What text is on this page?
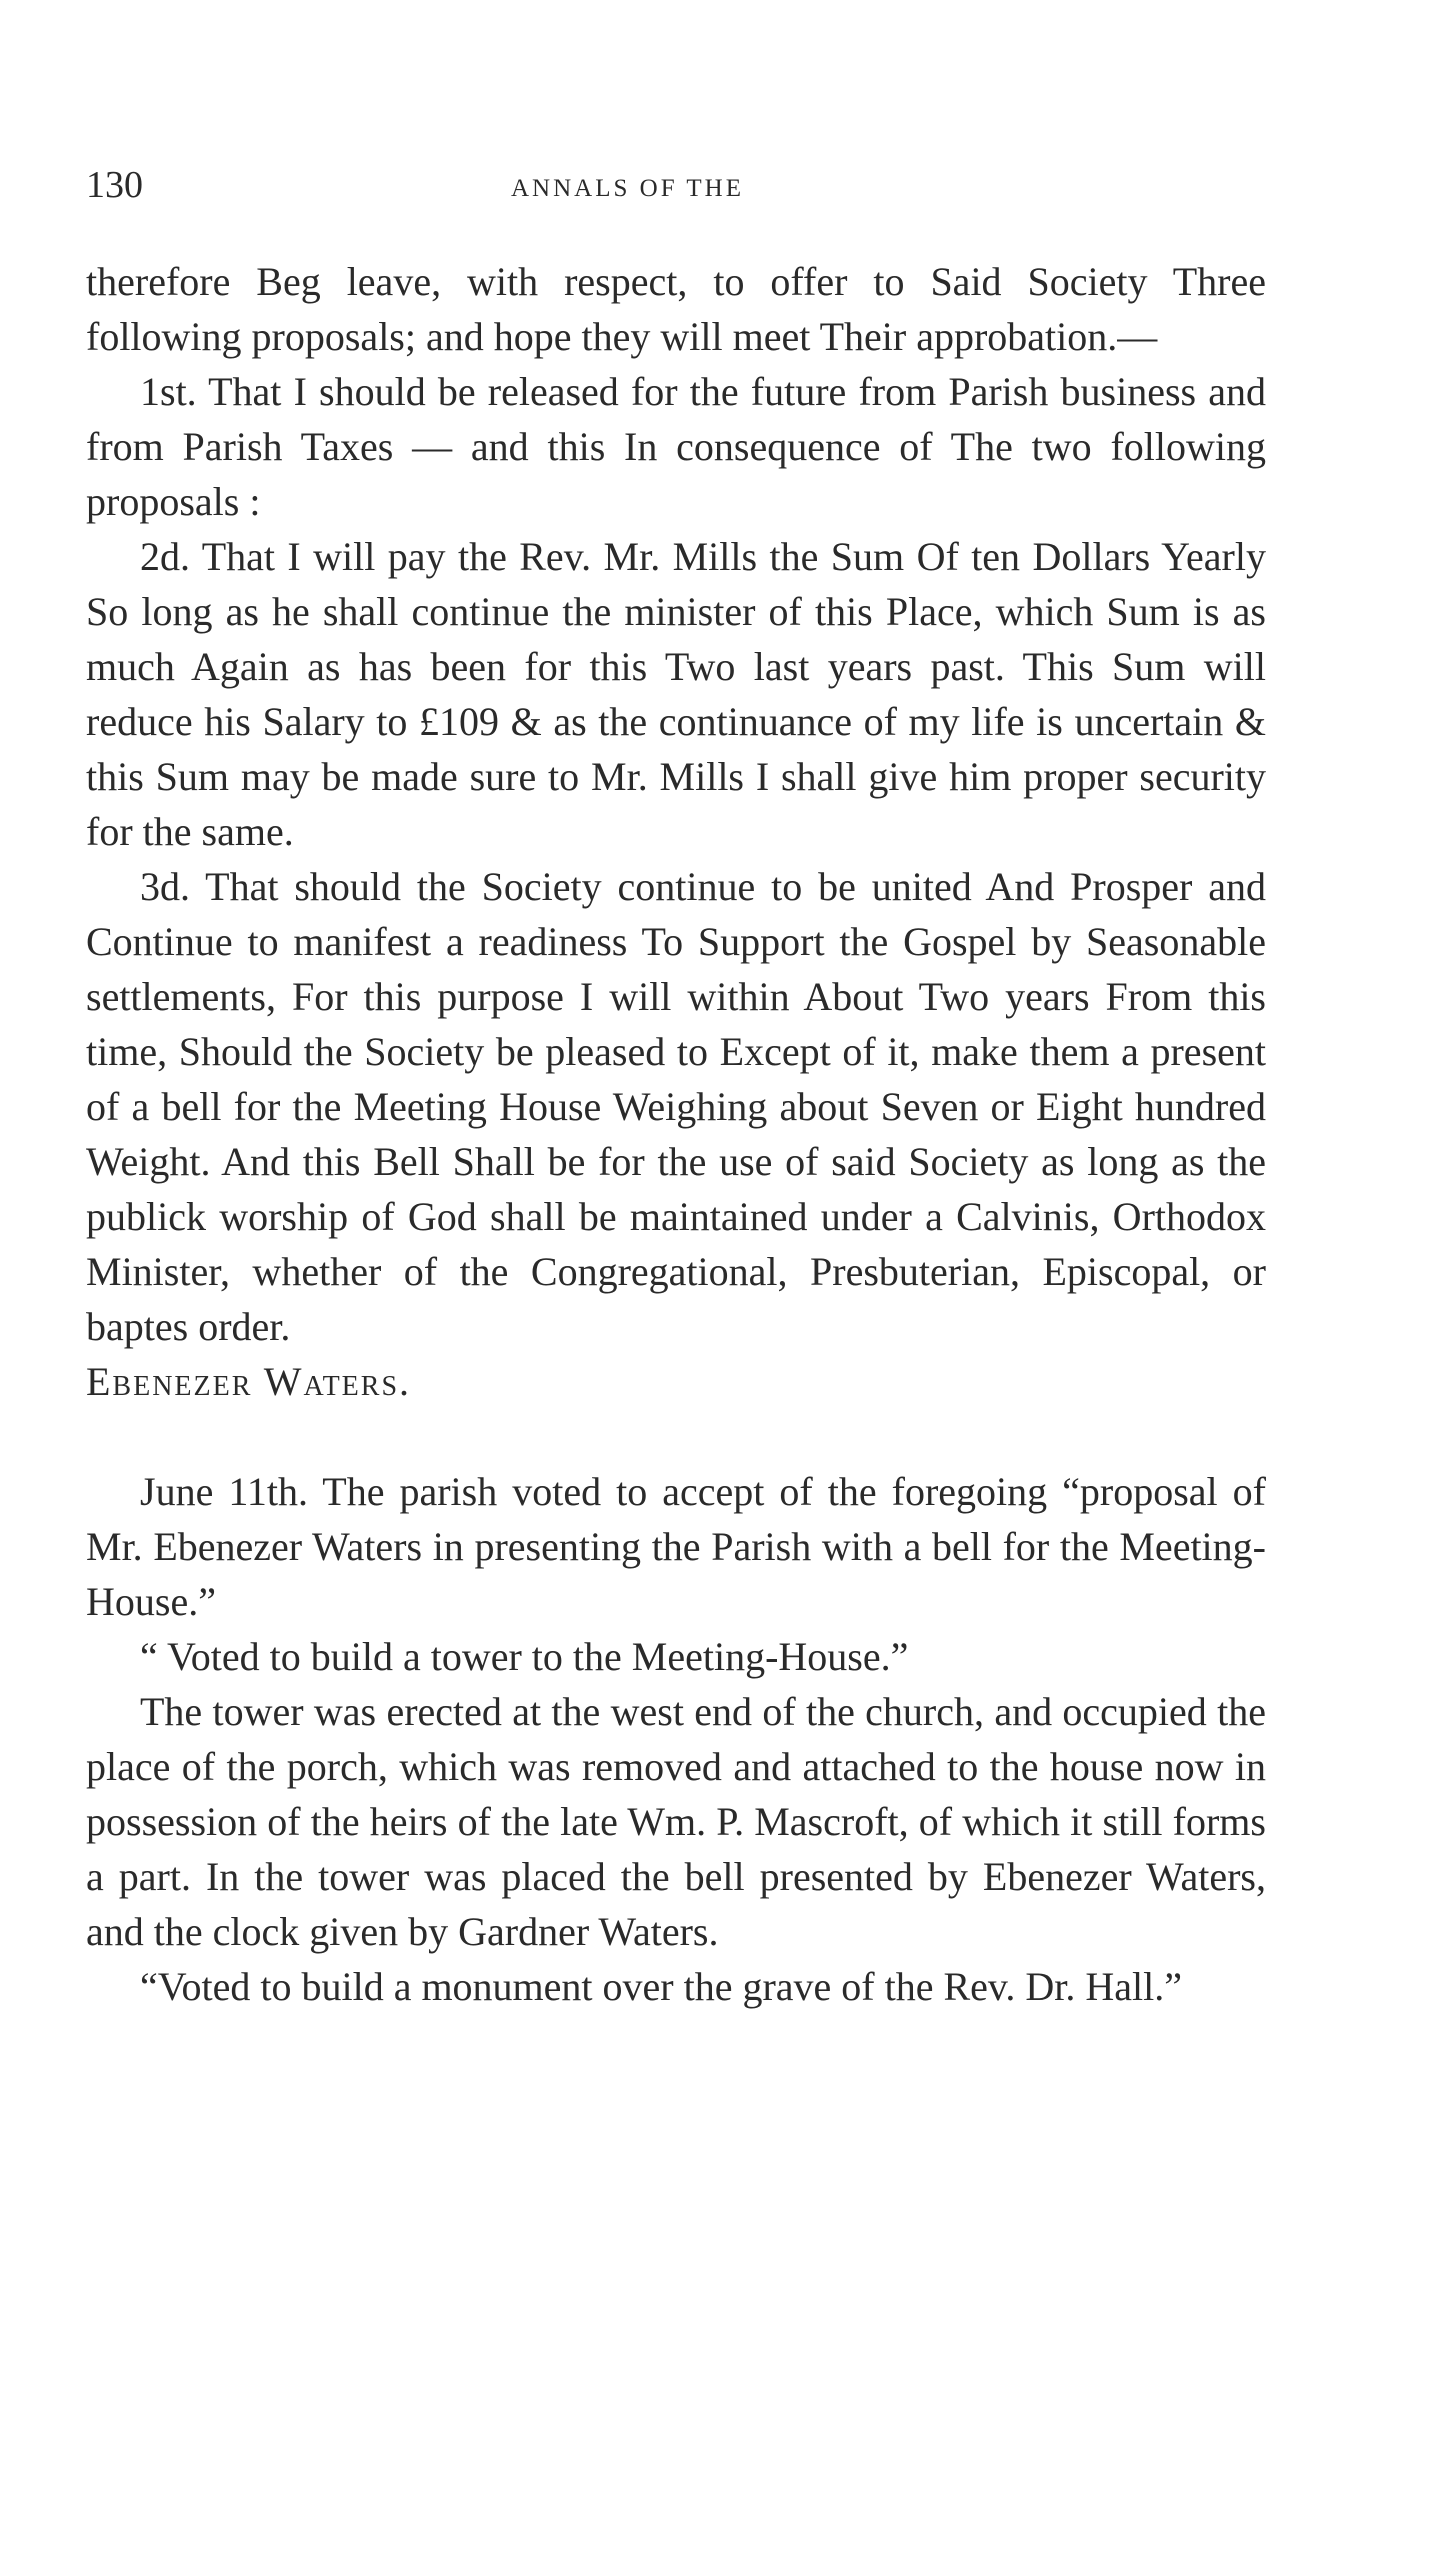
130	ANNALS OF THE

therefore Beg leave, with respect, to offer to Said Society Three following proposals; and hope they will meet Their approbation.—

1st. That I should be released for the future from Parish business and from Parish Taxes — and this In consequence of The two following proposals :

2d. That I will pay the Rev. Mr. Mills the Sum Of ten Dollars Yearly So long as he shall continue the minister of this Place, which Sum is as much Again as has been for this Two last years past. This Sum will reduce his Salary to £109 & as the continuance of my life is uncertain & this Sum may be made sure to Mr. Mills I shall give him proper security for the same.

3d. That should the Society continue to be united And Prosper and Continue to manifest a readiness To Support the Gospel by Seasonable settlements, For this purpose I will within About Two years From this time, Should the Society be pleased to Except of it, make them a present of a bell for the Meeting House Weighing about Seven or Eight hundred Weight. And this Bell Shall be for the use of said Society as long as the publick worship of God shall be maintained under a Calvinis, Orthodox Minister, whether of the Congregational, Presbuterian, Episcopal, or baptes order.

Ebenezer Waters.

June 11th. The parish voted to accept of the foregoing “proposal of Mr. Ebenezer Waters in presenting the Parish with a bell for the Meeting-House.”

“ Voted to build a tower to the Meeting-House.”

The tower was erected at the west end of the church, and occupied the place of the porch, which was removed and attached to the house now in possession of the heirs of the late Wm. P. Mascroft, of which it still forms a part. In the tower was placed the bell presented by Ebenezer Waters, and the clock given by Gardner Waters.

“Voted to build a monument over the grave of the Rev. Dr. Hall.”
